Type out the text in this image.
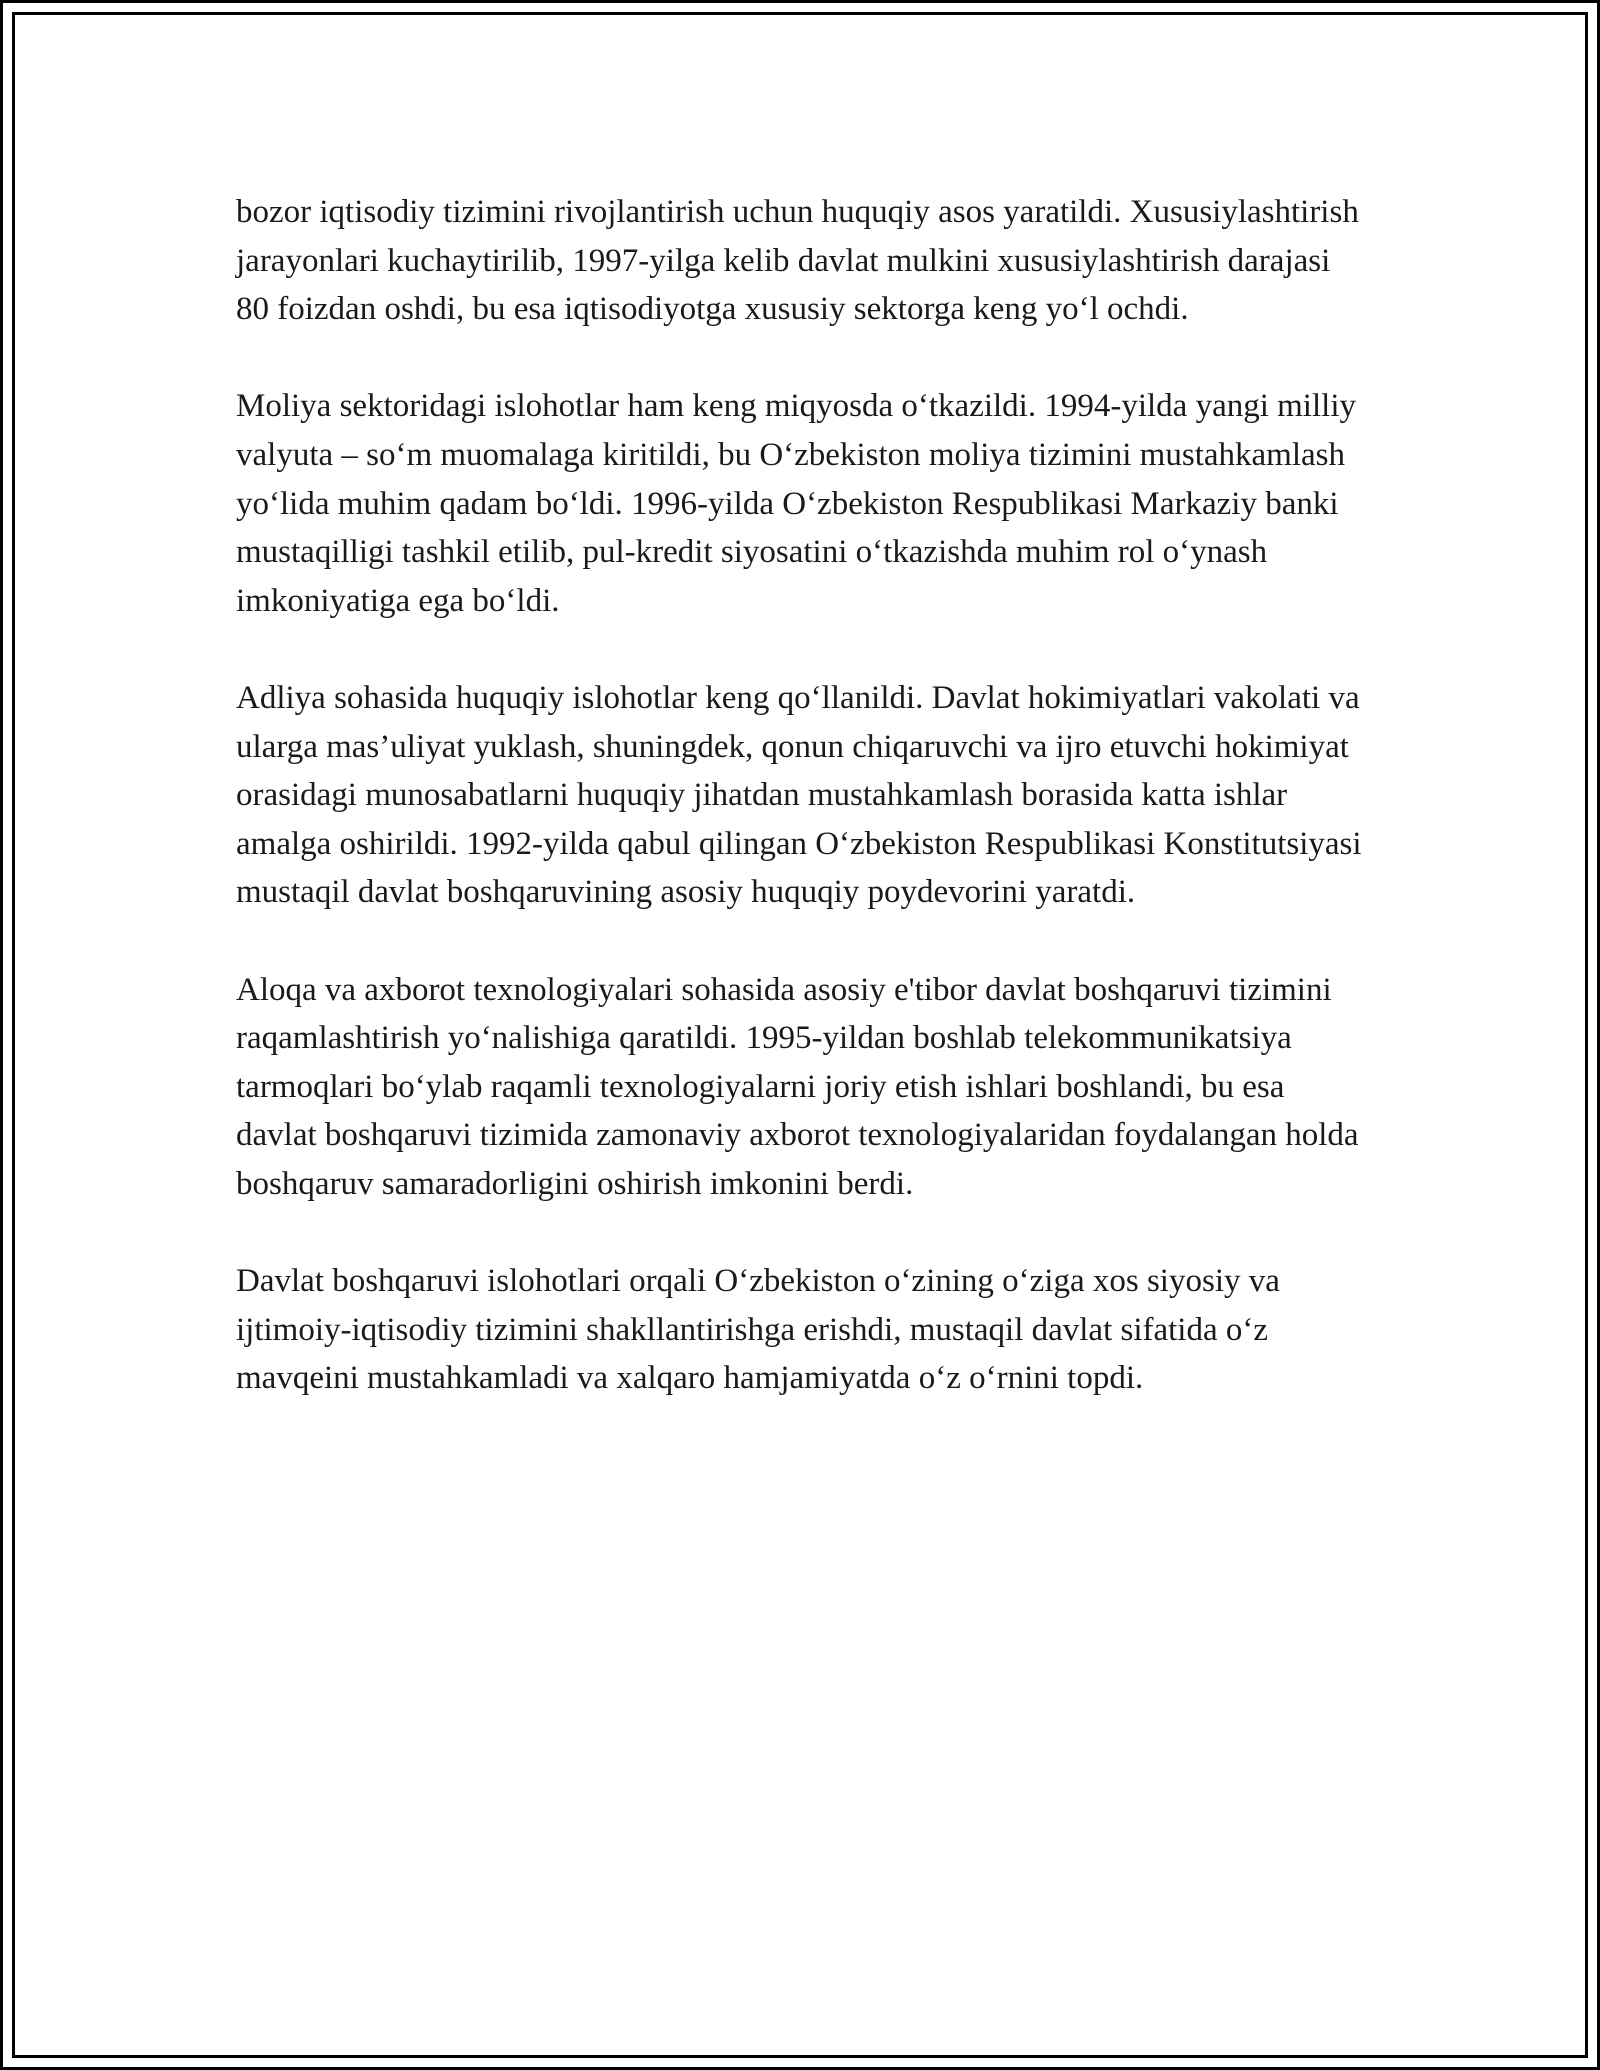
bozor iqtisodiy tizimini rivojlantirish uchun huquqiy asos yaratildi. Xususiylashtirish jarayonlari kuchaytirilib, 1997-yilga kelib davlat mulkini xususiylashtirish darajasi 80 foizdan oshdi, bu esa iqtisodiyotga xususiy sektorga keng yo‘l ochdi.

Moliya sektoridagi islohotlar ham keng miqyosda o‘tkazildi. 1994-yilda yangi milliy valyuta – so‘m muomalaga kiritildi, bu O‘zbekiston moliya tizimini mustahkamlash yo‘lida muhim qadam bo‘ldi. 1996-yilda O‘zbekiston Respublikasi Markaziy banki mustaqilligi tashkil etilib, pul-kredit siyosatini o‘tkazishda muhim rol o‘ynash imkoniyatiga ega bo‘ldi.

Adliya sohasida huquqiy islohotlar keng qo‘llanildi. Davlat hokimiyatlari vakolati va ularga mas’uliyat yuklash, shuningdek, qonun chiqaruvchi va ijro etuvchi hokimiyat orasidagi munosabatlarni huquqiy jihatdan mustahkamlash borasida katta ishlar amalga oshirildi. 1992-yilda qabul qilingan O‘zbekiston Respublikasi Konstitutsiyasi mustaqil davlat boshqaruvining asosiy huquqiy poydevorini yaratdi.

Aloqa va axborot texnologiyalari sohasida asosiy e'tibor davlat boshqaruvi tizimini raqamlashtirish yo‘nalishiga qaratildi. 1995-yildan boshlab telekommunikatsiya tarmoqlari bo‘ylab raqamli texnologiyalarni joriy etish ishlari boshlandi, bu esa davlat boshqaruvi tizimida zamonaviy axborot texnologiyalaridan foydalangan holda boshqaruv samaradorligini oshirish imkonini berdi.

Davlat boshqaruvi islohotlari orqali O‘zbekiston o‘zining o‘ziga xos siyosiy va ijtimoiy-iqtisodiy tizimini shakllantirishga erishdi, mustaqil davlat sifatida o‘z mavqeini mustahkamladi va xalqaro hamjamiyatda o‘z o‘rnini topdi.
